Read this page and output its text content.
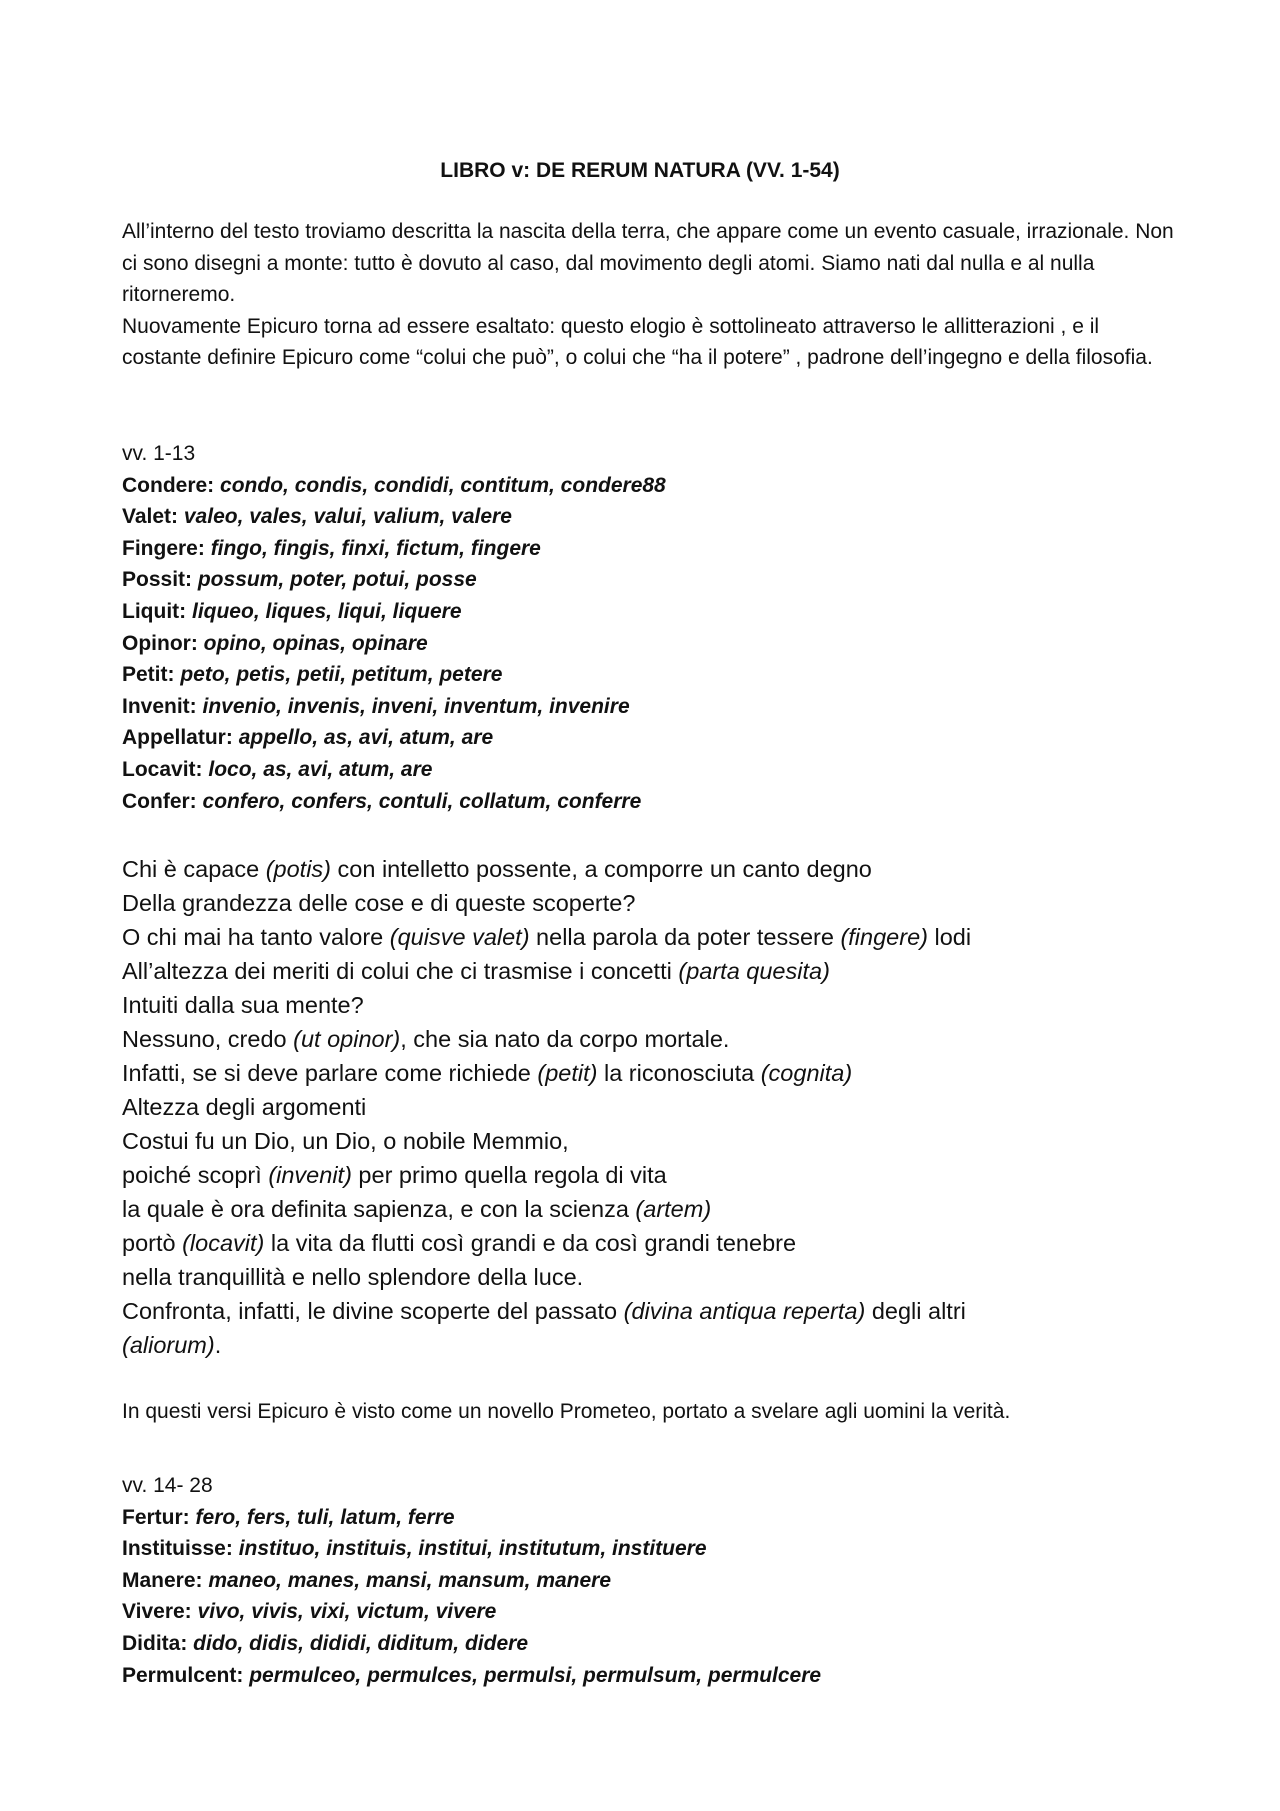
LIBRO v: DE RERUM NATURA (VV. 1-54)

All’interno del testo troviamo descritta la nascita della terra, che appare come un evento casuale, irrazionale. Non ci sono disegni a monte: tutto è dovuto al caso, dal movimento degli atomi. Siamo nati dal nulla e al nulla ritorneremo.

Nuovamente Epicuro torna ad essere esaltato: questo elogio è sottolineato attraverso le allitterazioni , e il costante definire Epicuro come “colui che può”, o colui che “ha il potere” , padrone dell’ingegno e della filosofia.

vv. 1-13
Condere: condo, condis, condidi, contitum, condere88
Valet: valeo, vales, valui, valium, valere
Fingere: fingo, fingis, finxi, fictum, fingere
Possit: possum, poter, potui, posse
Liquit: liqueo, liques, liqui, liquere
Opinor: opino, opinas, opinare
Petit: peto, petis, petii, petitum, petere
Invenit: invenio, invenis, inveni, inventum, invenire
Appellatur: appello, as, avi, atum, are
Locavit: loco, as, avi, atum, are
Confer: confero, confers, contuli, collatum, conferre
Chi è capace (potis) con intelletto possente, a comporre un canto degno
Della grandezza delle cose e di queste scoperte?
O chi mai ha tanto valore (quisve valet) nella parola da poter tessere (fingere) lodi
All’altezza dei meriti di colui che ci trasmise i concetti (parta quesita)
Intuiti dalla sua mente?
Nessuno, credo (ut opinor), che sia nato da corpo mortale.
Infatti, se si deve parlare come richiede (petit) la riconosciuta (cognita)
Altezza degli argomenti
Costui fu un Dio, un Dio, o nobile Memmio,
poiché scoprì (invenit) per primo quella regola di vita
la quale è ora definita sapienza, e con la scienza (artem)
portò (locavit) la vita da flutti così grandi e da così grandi tenebre
nella tranquillità e nello splendore della luce.
Confronta, infatti, le divine scoperte del passato (divina antiqua reperta) degli altri
(aliorum).
In questi versi Epicuro è visto come un novello Prometeo, portato a svelare agli uomini la verità.
vv. 14- 28
Fertur: fero, fers, tuli, latum, ferre
Instituisse: instituo, instituis, institui, institutum, instituere
Manere: maneo, manes, mansi, mansum, manere
Vivere: vivo, vivis, vixi, victum, vivere
Didita: dido, didis, dididi, diditum, didere
Permulcent: permulceo, permulces, permulsi, permulsum, permulcere
